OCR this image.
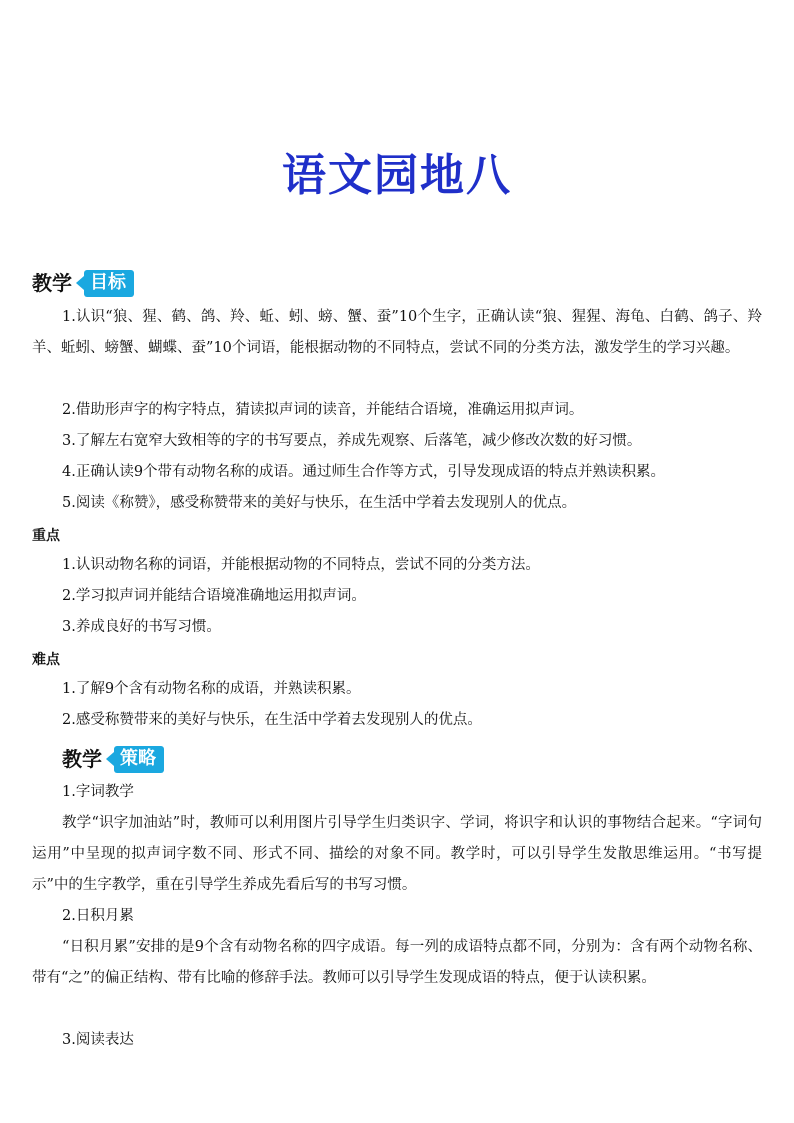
语文园地八
教学	目标
1.认识“狼、猩、鹤、鸽、羚、蚯、蚓、螃、蟹、蚕”10个生字，正确认读“狼、猩猩、海龟、白鹤、鸽子、羚羊、蚯蚓、螃蟹、蝴蝶、蚕”10个词语，能根据动物的不同特点，尝试不同的分类方法，激发学生的学习兴趣。
2.借助形声字的构字特点，猜读拟声词的读音，并能结合语境，准确运用拟声词。
3.了解左右宽窄大致相等的字的书写要点，养成先观察、后落笔，减少修改次数的好习惯。
4.正确认读9个带有动物名称的成语。通过师生合作等方式，引导发现成语的特点并熟读积累。
5.阅读《称赞》，感受称赞带来的美好与快乐，在生活中学着去发现别人的优点。
重点
1.认识动物名称的词语，并能根据动物的不同特点，尝试不同的分类方法。
2.学习拟声词并能结合语境准确地运用拟声词。
3.养成良好的书写习惯。
难点
1.了解9个含有动物名称的成语，并熟读积累。
2.感受称赞带来的美好与快乐，在生活中学着去发现别人的优点。
教学	策略
1.字词教学
教学“识字加油站”时，教师可以利用图片引导学生归类识字、学词，将识字和认识的事物结合起来。“字词句运用”中呈现的拟声词字数不同、形式不同、描绘的对象不同。教学时，可以引导学生发散思维运用。“书写提示”中的生字教学，重在引导学生养成先看后写的书写习惯。
2.日积月累
“日积月累”安排的是9个含有动物名称的四字成语。每一列的成语特点都不同，分别为：含有两个动物名称、带有“之”的偏正结构、带有比喻的修辞手法。教师可以引导学生发现成语的特点，便于认读积累。
3.阅读表达
